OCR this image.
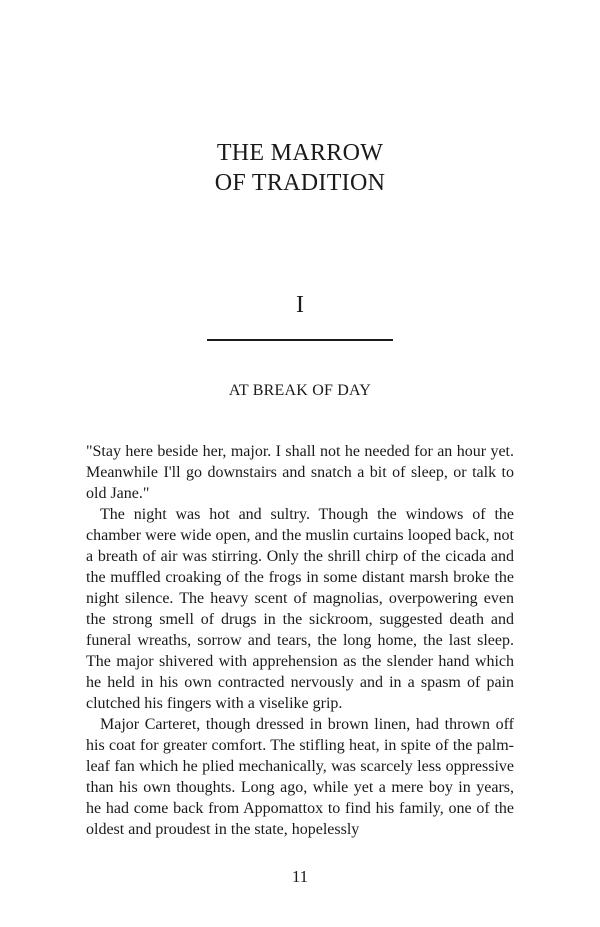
THE MARROW
OF TRADITION
I
AT BREAK OF DAY

"Stay here beside her, major. I shall not he needed for an hour yet. Meanwhile I'll go downstairs and snatch a bit of sleep, or talk to old Jane."

The night was hot and sultry. Though the windows of the chamber were wide open, and the muslin curtains looped back, not a breath of air was stirring. Only the shrill chirp of the cicada and the muffled croaking of the frogs in some distant marsh broke the night silence. The heavy scent of magnolias, overpowering even the strong smell of drugs in the sickroom, suggested death and funeral wreaths, sorrow and tears, the long home, the last sleep. The major shivered with apprehension as the slender hand which he held in his own contracted nervously and in a spasm of pain clutched his fingers with a viselike grip.

Major Carteret, though dressed in brown linen, had thrown off his coat for greater comfort. The stifling heat, in spite of the palm-leaf fan which he plied mechanically, was scarcely less oppressive than his own thoughts. Long ago, while yet a mere boy in years, he had come back from Appomattox to find his family, one of the oldest and proudest in the state, hopelessly

11
